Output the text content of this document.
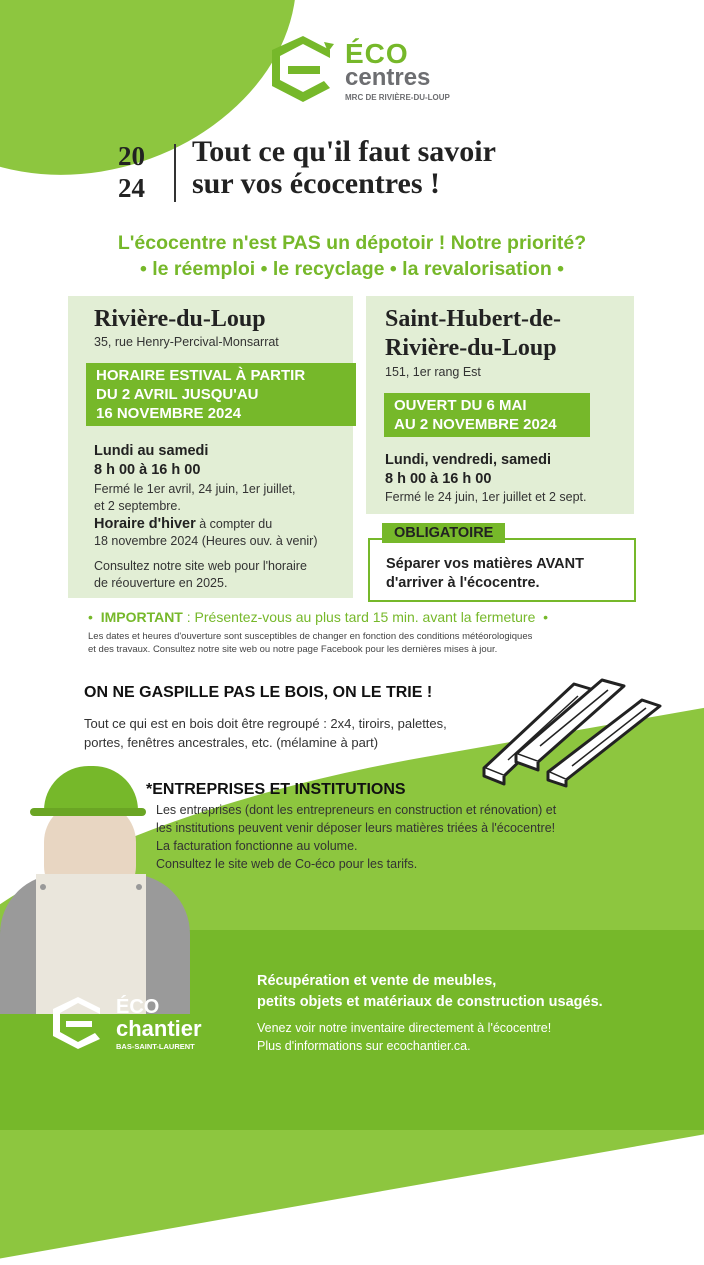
ÉCO
centres
MRC DE RIVIÈRE-DU-LOUP
20
24
Tout ce qu'il faut savoir
sur vos écocentres !
L'écocentre n'est PAS un dépotoir ! Notre priorité?
• le réemploi • le recyclage • la revalorisation •
Rivière-du-Loup
35, rue Henry-Percival-Monsarrat
HORAIRE ESTIVAL À PARTIR
DU 2 AVRIL JUSQU'AU
16 NOVEMBRE 2024
Lundi au samedi
8 h 00 à 16 h 00
Fermé le 1er avril, 24 juin, 1er juillet,
et 2 septembre.
Horaire d'hiver à compter du
18 novembre 2024 (Heures ouv. à venir)
Consultez notre site web pour l'horaire
de réouverture en 2025.
Saint-Hubert-de-
Rivière-du-Loup
151, 1er rang Est
OUVERT DU 6 MAI
AU 2 NOVEMBRE 2024
Lundi, vendredi, samedi
8 h 00 à 16 h 00
Fermé le 24 juin, 1er juillet et 2 sept.
OBLIGATOIRE
Séparer vos matières AVANT
d'arriver à l'écocentre.
•  IMPORTANT : Présentez-vous au plus tard 15 min. avant la fermeture  •
Les dates et heures d'ouverture sont susceptibles de changer en fonction des conditions météorologiques
et des travaux. Consultez notre site web ou notre page Facebook pour les dernières mises à jour.
ON NE GASPILLE PAS LE BOIS, ON LE TRIE !
Tout ce qui est en bois doit être regroupé : 2x4, tiroirs, palettes,
portes, fenêtres ancestrales, etc. (mélamine à part)
*ENTREPRISES ET INSTITUTIONS
Les entreprises (dont les entrepreneurs en construction et rénovation) et
les institutions peuvent venir déposer leurs matières triées à l'écocentre!
La facturation fonctionne au volume.
Consultez le site web de Co-éco pour les tarifs.
ÉCO
chantier
BAS-SAINT-LAURENT
Récupération et vente de meubles,
petits objets et matériaux de construction usagés.
Venez voir notre inventaire directement à l'écocentre!
Plus d'informations sur ecochantier.ca.
